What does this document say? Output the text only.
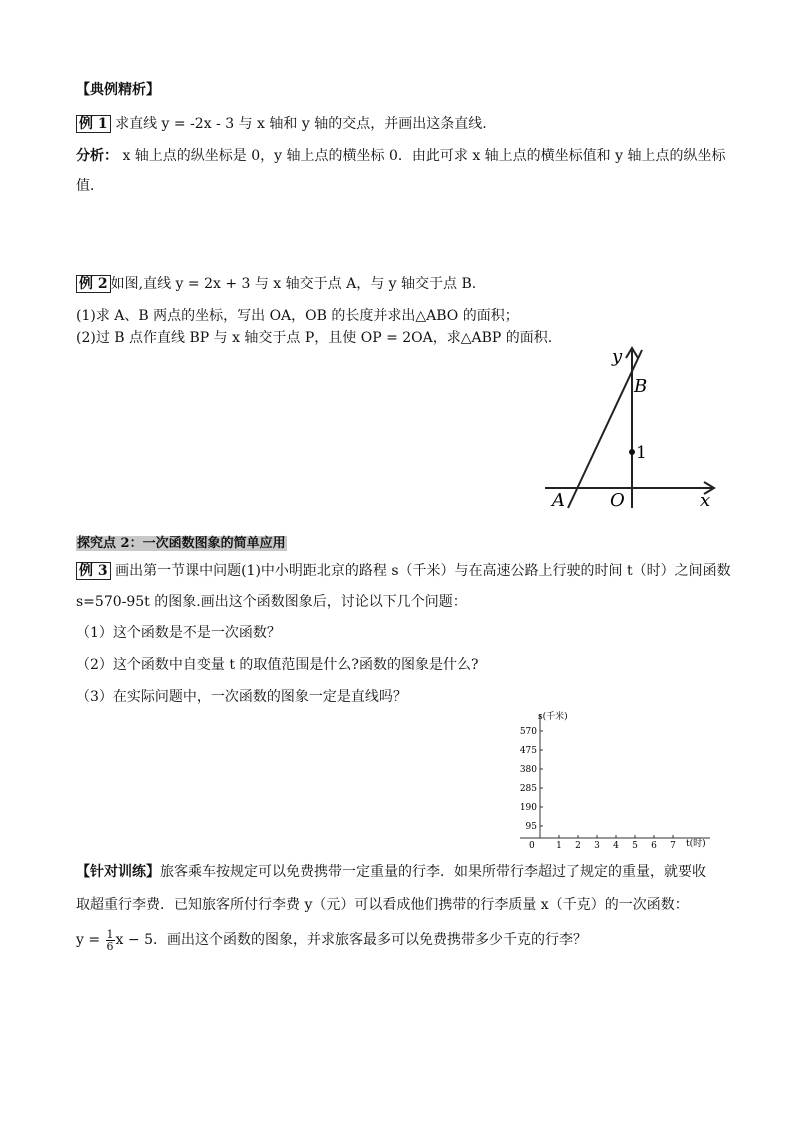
【典例精析】
例 1 求直线 y = -2x - 3 与 x 轴和 y 轴的交点，并画出这条直线.
分析： x 轴上点的纵坐标是 0，y 轴上点的横坐标 0．由此可求 x 轴上点的横坐标值和 y 轴上点的纵坐标
值．
例 2 如图,直线 y = 2x + 3 与 x 轴交于点 A，与 y 轴交于点 B.
(1)求 A、B 两点的坐标，写出 OA，OB 的长度并求出△ABO 的面积；
(2)过 B 点作直线 BP 与 x 轴交于点 P，且使 OP = 2OA，求△ABP 的面积.
1
y
x
A	O
B
探究点 2：一次函数图象的简单应用
例 3 画出第一节课中问题(1)中小明距北京的路程 s（千米）与在高速公路上行驶的时间 t（时）之间函数
s=570-95t 的图象.画出这个函数图象后，讨论以下几个问题：
（1）这个函数是不是一次函数？
（2）这个函数中自变量 t 的取值范围是什么?函数的图象是什么?
（3）在实际问题中，一次函数的图象一定是直线吗？
s(千米)
t(时)
0
570
475
380
285
190
95
1 2 3 4 5 6 7
【针对训练】旅客乘车按规定可以免费携带一定重量的行李．如果所带行李超过了规定的重量，就要收
取超重行李费．已知旅客所付行李费 y（元）可以看成他们携带的行李质量 x（千克）的一次函数：
$y = \frac{1}{6}$ x − 5．画出这个函数的图象，并求旅客最多可以免费携带多少千克的行李？
